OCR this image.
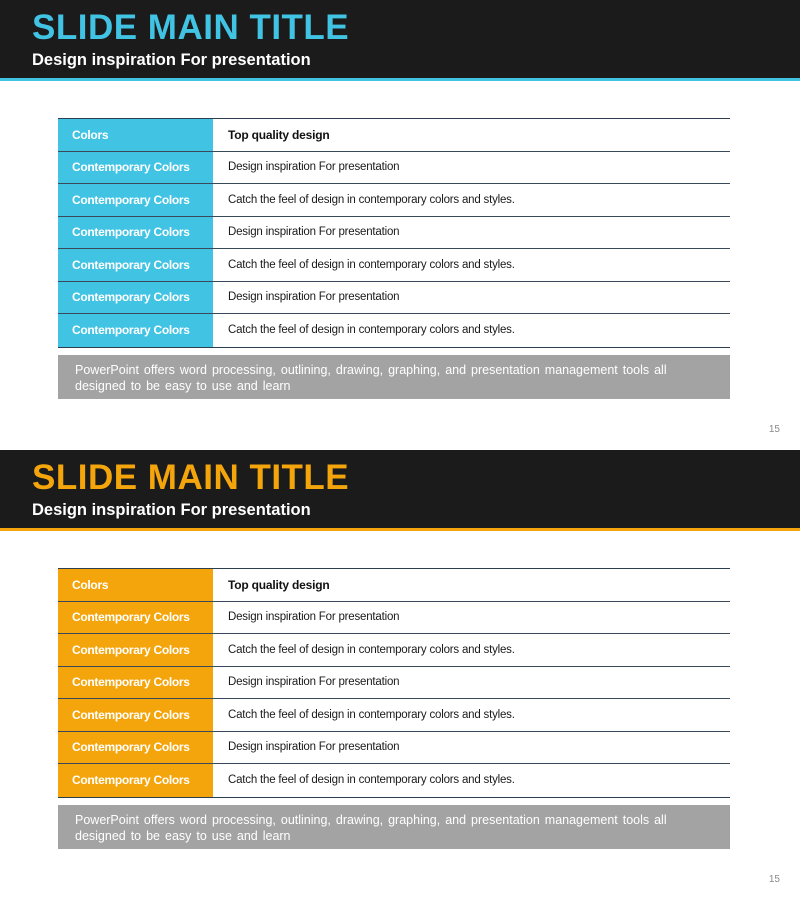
SLIDE MAIN TITLE
Design inspiration For presentation
Colors	Top quality design
Contemporary Colors	Design inspiration For presentation
Contemporary Colors	Catch the feel of design in contemporary colors and styles.
Contemporary Colors	Design inspiration For presentation
Contemporary Colors	Catch the feel of design in contemporary colors and styles.
Contemporary Colors	Design inspiration For presentation
Contemporary Colors	Catch the feel of design in contemporary colors and styles.
PowerPoint offers word processing, outlining, drawing, graphing, and presentation management tools all designed to be easy to use and learn
15
SLIDE MAIN TITLE
Design inspiration For presentation
Colors	Top quality design
Contemporary Colors	Design inspiration For presentation
Contemporary Colors	Catch the feel of design in contemporary colors and styles.
Contemporary Colors	Design inspiration For presentation
Contemporary Colors	Catch the feel of design in contemporary colors and styles.
Contemporary Colors	Design inspiration For presentation
Contemporary Colors	Catch the feel of design in contemporary colors and styles.
PowerPoint offers word processing, outlining, drawing, graphing, and presentation management tools all designed to be easy to use and learn
15
